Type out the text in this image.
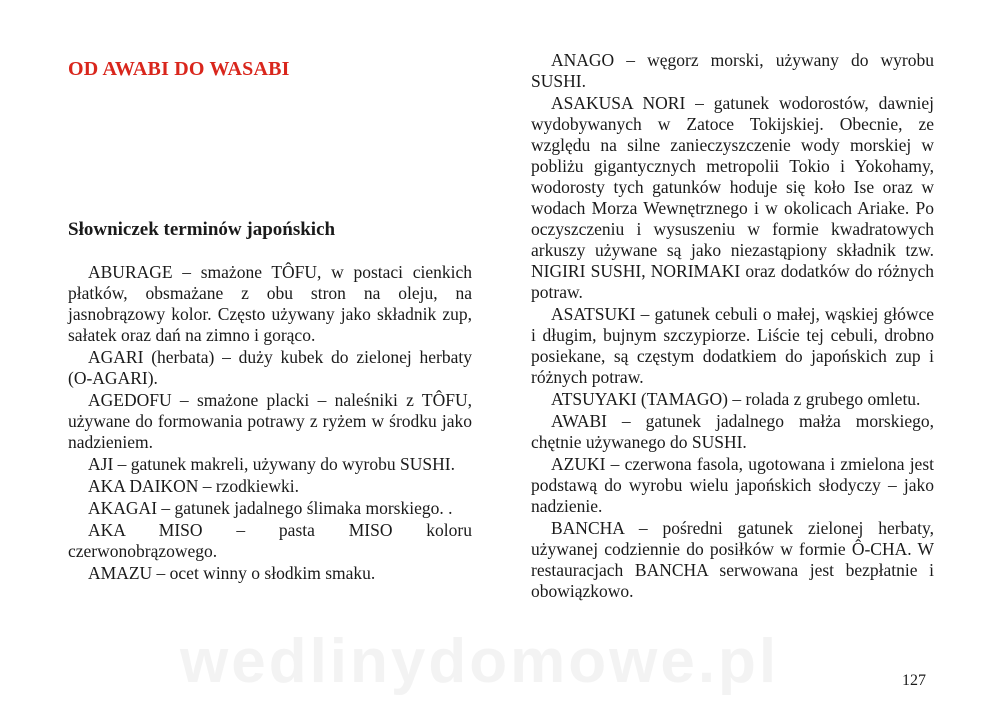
wedlinydomowe.pl
OD AWABI DO WASABI
Słowniczek terminów japońskich

ABURAGE – smażone TÔFU, w postaci cienkich płatków, obsmażane z obu stron na oleju, na jasnobrązowy kolor. Często używany jako składnik zup, sałatek oraz dań na zimno i gorąco.

AGARI (herbata) – duży kubek do zielonej herbaty (O-AGARI).

AGEDOFU – smażone placki – naleśniki z TÔFU, używane do formowania potrawy z ryżem w środku jako nadzieniem.

AJI – gatunek makreli, używany do wyrobu SUSHI.

AKA DAIKON – rzodkiewki.

AKAGAI – gatunek jadalnego ślimaka morskiego. .

AKA MISO – pasta MISO koloru czerwonobrązowego.

AMAZU – ocet winny o słodkim smaku.

ANAGO – węgorz morski, używany do wyrobu SUSHI.

ASAKUSA NORI – gatunek wodorostów, dawniej wydobywanych w Zatoce Tokijskiej. Obecnie, ze względu na silne zanieczyszczenie wody morskiej w pobliżu gigantycznych metropolii Tokio i Yokohamy, wodorosty tych gatunków hoduje się koło Ise oraz w wodach Morza Wewnętrznego i w okolicach Ariake. Po oczyszczeniu i wysuszeniu w formie kwadratowych arkuszy używane są jako niezastąpiony składnik tzw. NIGIRI SUSHI, NORIMAKI oraz dodatków do różnych potraw.

ASATSUKI – gatunek cebuli o małej, wąskiej główce i długim, bujnym szczypiorze. Liście tej cebuli, drobno posiekane, są częstym dodatkiem do japońskich zup i różnych potraw.

ATSUYAKI (TAMAGO) – rolada z grubego omletu.

AWABI – gatunek jadalnego małża morskiego, chętnie używanego do SUSHI.

AZUKI – czerwona fasola, ugotowana i zmielona jest podstawą do wyrobu wielu japońskich słodyczy – jako nadzienie.

BANCHA – pośredni gatunek zielonej herbaty, używanej codziennie do posiłków w formie Ô-CHA. W restauracjach BANCHA serwowana jest bezpłatnie i obowiązkowo.

127
